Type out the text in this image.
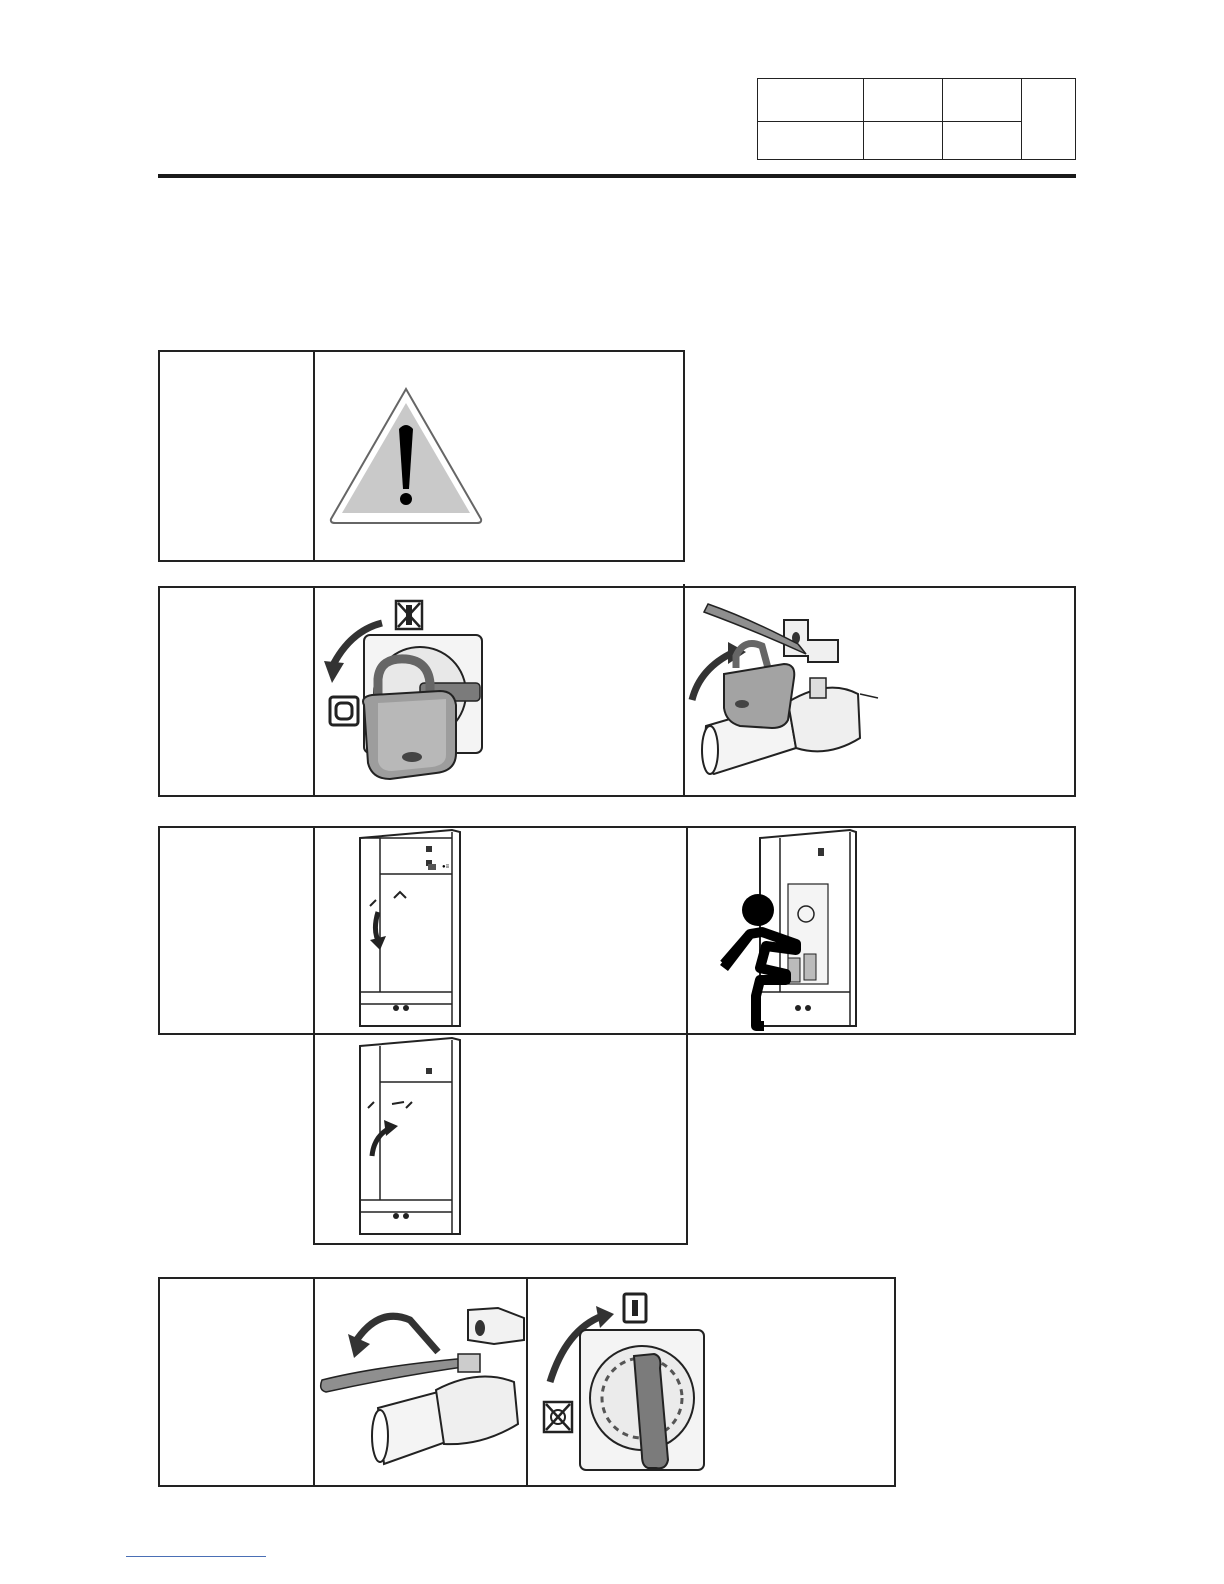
●≡
